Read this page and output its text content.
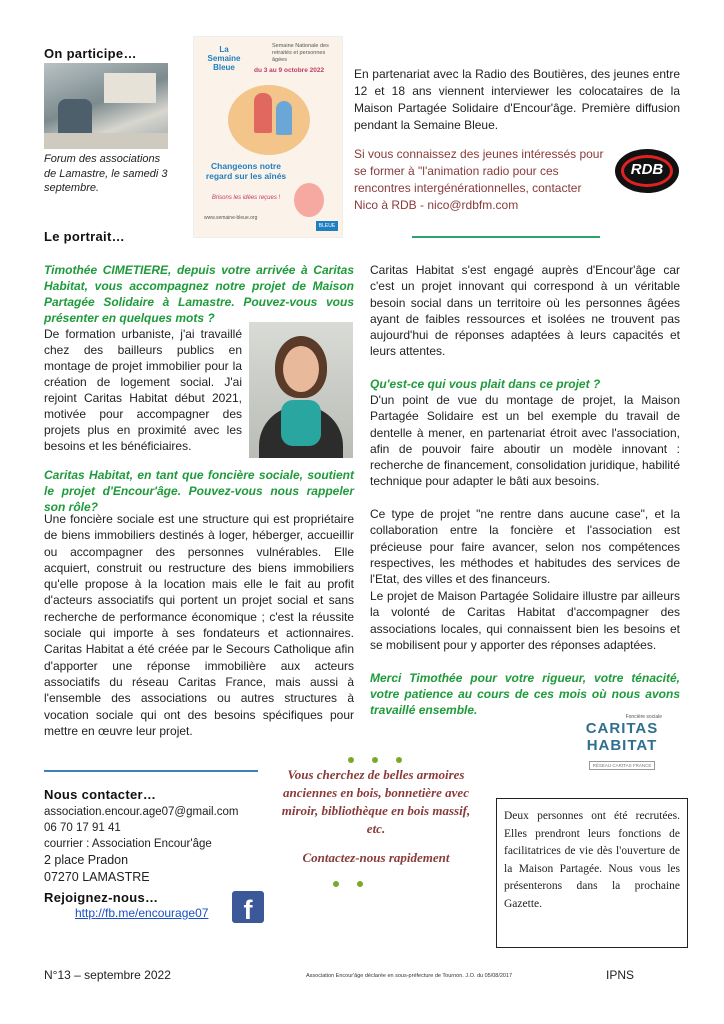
On participe…
Forum des associations de Lamastre, le samedi 3 septembre.
La
Semaine
Bleue
Semaine Nationale des retraités et personnes âgées
du 3 au 9 octobre 2022
Changeons notre regard sur les aînés
Brisons les idées reçues !
www.semaine-bleue.org
BLEUE
En partenariat avec la Radio des Boutières, des jeunes entre 12 et 18 ans viennent interviewer les colocataires de la Maison Partagée Solidaire d'Encour'âge. Première diffusion pendant la Semaine Bleue.
Si vous connaissez des jeunes intéressés pour se former à "l'animation radio pour ces rencontres intergénérationnelles, contacter Nico à RDB - nico@rdbfm.com
RDB
Le portrait…
Timothée CIMETIERE, depuis votre arrivée à Caritas Habitat, vous accompagnez notre projet de Maison Partagée Solidaire à Lamastre. Pouvez-vous vous présenter en quelques mots ?
De formation urbaniste, j'ai travaillé chez des bailleurs publics en montage de projet immobilier pour la création de logement social. J'ai rejoint Caritas Habitat début 2021, motivée pour accompagner des projets plus en proximité avec les besoins et les bénéficiaires.
Caritas Habitat, en tant que foncière sociale, soutient le projet d'Encour'âge. Pouvez-vous nous rappeler son rôle?
Une foncière sociale est une structure qui est propriétaire de biens immobiliers destinés à loger, héberger, accueillir ou accompagner des personnes vulnérables. Elle acquiert, construit ou restructure des biens immobiliers qu'elle propose à la location mais elle le fait au profit d'acteurs associatifs qui portent un projet social et sans recherche de performance économique ; c'est la réussite sociale qui importe à ses fondateurs et actionnaires. Caritas Habitat a été créée par le Secours Catholique afin d'apporter une réponse immobilière aux acteurs associatifs du réseau Caritas France, mais aussi à l'ensemble des associations ou autres structures à vocation sociale qui ont des besoins spécifiques pour mettre en œuvre leur projet.
Caritas Habitat s'est engagé auprès d'Encour'âge car c'est un projet innovant qui correspond à un véritable besoin social dans un territoire où les personnes âgées ayant de faibles ressources et isolées ne trouvent pas aujourd'hui de réponses adaptées à leurs capacités et leurs attentes.
Qu'est-ce qui vous plait dans ce projet ?
D'un point de vue du montage de projet, la Maison Partagée Solidaire est un bel exemple du travail de dentelle à mener, en partenariat étroit avec l'association, afin de pouvoir faire aboutir un modèle innovant : recherche de financement, consolidation juridique, habilité technique pour adapter le bâti aux besoins.
Ce type de projet "ne rentre dans aucune case", et la collaboration entre la foncière et l'association est précieuse pour faire avancer, selon nos compétences respectives, les méthodes et habitudes des services de l'Etat, des villes et des financeurs.
Le projet de Maison Partagée Solidaire illustre par ailleurs la volonté de Caritas Habitat d'accompagner des associations locales, qui connaissent bien les besoins et se mobilisent pour y apporter des réponses adaptées.
Merci Timothée pour votre rigueur, votre ténacité, votre patience au cours de ces mois où nous avons travaillé ensemble.	Foncière sociale
CARITAS
HABITAT
RÉSEAU CARITAS FRANCE
Nous contacter…
association.encour.age07@gmail.com
06 70 17 91 41
courrier : Association Encour'âge
2 place Pradon
07270 LAMASTRE
Rejoignez-nous…
http://fb.me/encourage07	f
Vous cherchez de belles armoires anciennes en bois, bonnetière avec miroir, bibliothèque en bois massif, etc.
Contactez-nous rapidement
Deux personnes ont été recrutées. Elles prendront leurs fonctions de facilitatrices de vie dès l'ouverture de la Maison Partagée. Nous vous les présenterons dans la prochaine Gazette.
N°13 – septembre 2022	Association Encour'âge déclarée en sous-préfecture de Tournon. J.O. du 05/08/2017	IPNS
